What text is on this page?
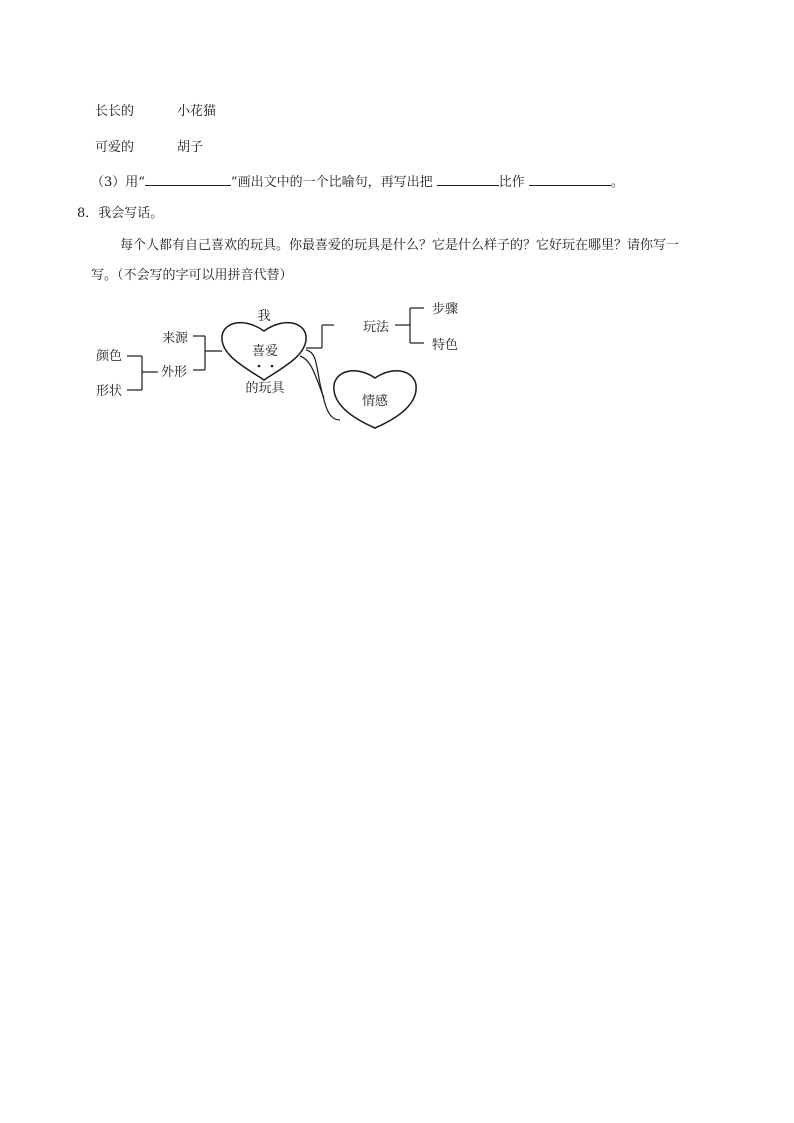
长长的	小花猫
可爱的	胡子
（3）用“	”画出文中的一个比喻句，再写出把	比作	。
8．我会写话。
每个人都有自己喜欢的玩具。你最喜爱的玩具是什么？它是什么样子的？它好玩在哪里？请你写一
写。（不会写的字可以用拼音代替）
我
喜爱
的玩具
来源
外形
颜色
形状
玩法
步骤
特色
情感
